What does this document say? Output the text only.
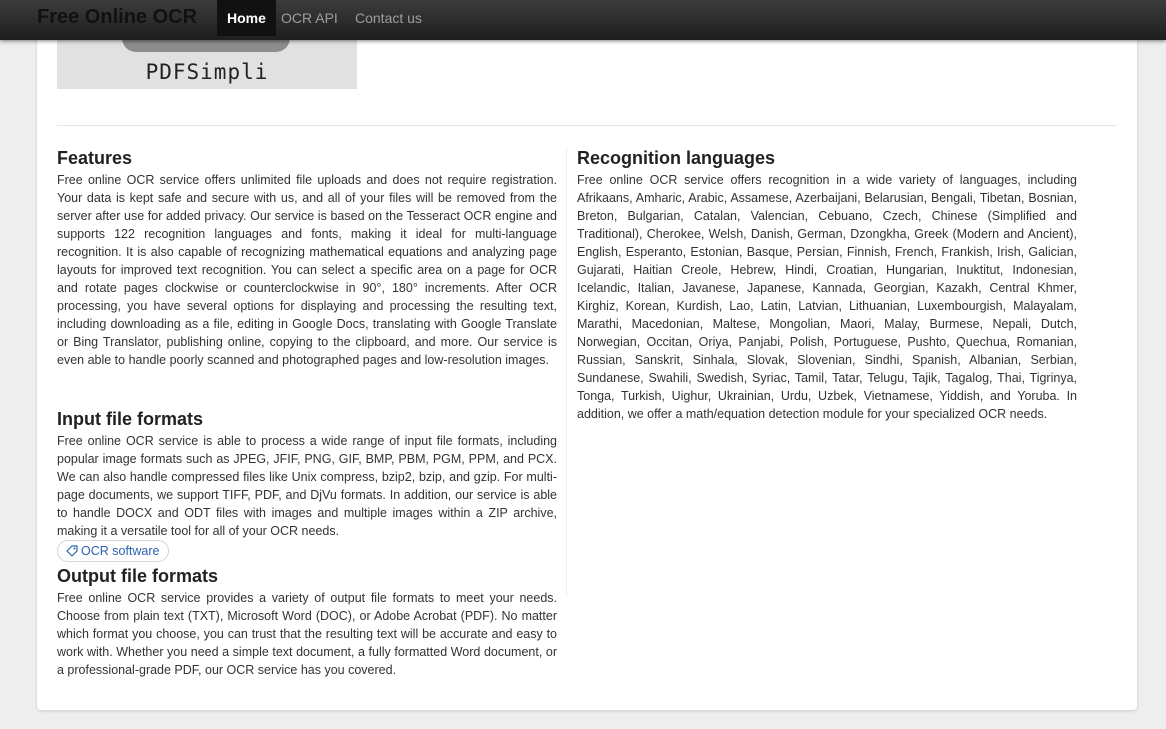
PDFSimpli
Free Online OCR	Home	OCR API Contact us
Features

Free online OCR service offers unlimited file uploads and does not require registration. Your data is kept safe and secure with us, and all of your files will be removed from the server after use for added privacy. Our service is based on the Tesseract OCR engine and supports 122 recognition languages and fonts, making it ideal for multi-language recognition. It is also capable of recognizing mathematical equations and analyzing page layouts for improved text recognition. You can select a specific area on a page for OCR and rotate pages clockwise or counterclockwise in 90°, 180° increments. After OCR processing, you have several options for displaying and processing the resulting text, including downloading as a file, editing in Google Docs, translating with Google Translate or Bing Translator, publishing online, copying to the clipboard, and more. Our service is even able to handle poorly scanned and photographed pages and low-resolution images.

Input file formats

Free online OCR service is able to process a wide range of input file formats, including popular image formats such as JPEG, JFIF, PNG, GIF, BMP, PBM, PGM, PPM, and PCX. We can also handle compressed files like Unix compress, bzip2, bzip, and gzip. For multi-page documents, we support TIFF, PDF, and DjVu formats. In addition, our service is able to handle DOCX and ODT files with images and multiple images within a ZIP archive, making it a versatile tool for all of your OCR needs.

OCR software
Output file formats

Free online OCR service provides a variety of output file formats to meet your needs. Choose from plain text (TXT), Microsoft Word (DOC), or Adobe Acrobat (PDF). No matter which format you choose, you can trust that the resulting text will be accurate and easy to work with. Whether you need a simple text document, a fully formatted Word document, or a professional-grade PDF, our OCR service has you covered.

Recognition languages

Free online OCR service offers recognition in a wide variety of languages, including Afrikaans, Amharic, Arabic, Assamese, Azerbaijani, Belarusian, Bengali, Tibetan, Bosnian, Breton, Bulgarian, Catalan, Valencian, Cebuano, Czech, Chinese (Simplified and Traditional), Cherokee, Welsh, Danish, German, Dzongkha, Greek (Modern and Ancient), English, Esperanto, Estonian, Basque, Persian, Finnish, French, Frankish, Irish, Galician, Gujarati, Haitian Creole, Hebrew, Hindi, Croatian, Hungarian, Inuktitut, Indonesian, Icelandic, Italian, Javanese, Japanese, Kannada, Georgian, Kazakh, Central Khmer, Kirghiz, Korean, Kurdish, Lao, Latin, Latvian, Lithuanian, Luxembourgish, Malayalam, Marathi, Macedonian, Maltese, Mongolian, Maori, Malay, Burmese, Nepali, Dutch, Norwegian, Occitan, Oriya, Panjabi, Polish, Portuguese, Pushto, Quechua, Romanian, Russian, Sanskrit, Sinhala, Slovak, Slovenian, Sindhi, Spanish, Albanian, Serbian, Sundanese, Swahili, Swedish, Syriac, Tamil, Tatar, Telugu, Tajik, Tagalog, Thai, Tigrinya, Tonga, Turkish, Uighur, Ukrainian, Urdu, Uzbek, Vietnamese, Yiddish, and Yoruba. In addition, we offer a math/equation detection module for your specialized OCR needs.
